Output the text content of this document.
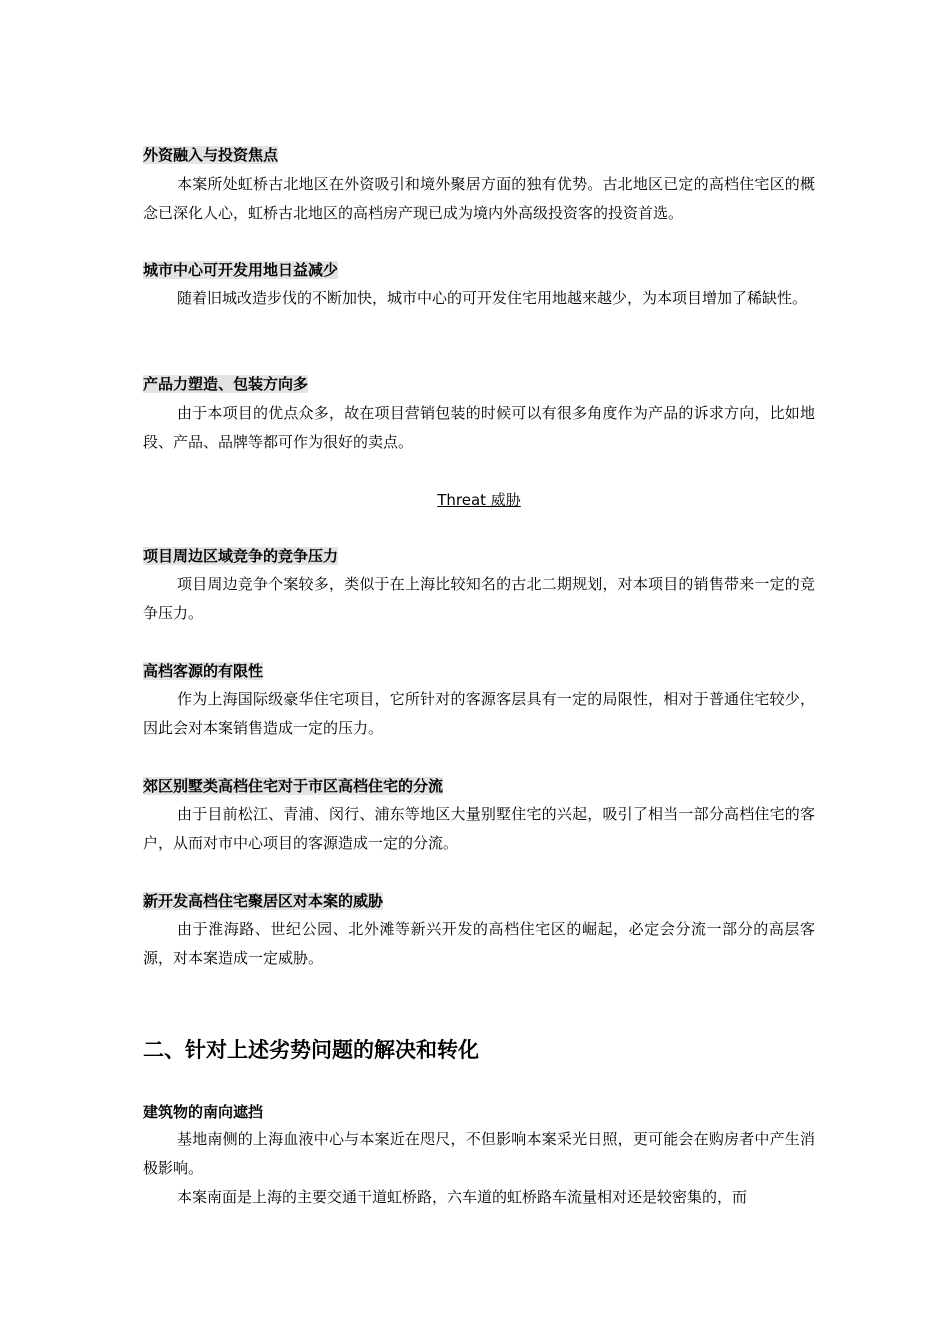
外资融入与投资焦点
本案所处虹桥古北地区在外资吸引和境外聚居方面的独有优势。古北地区已定的高档住宅区的概念已深化人心，虹桥古北地区的高档房产现已成为境内外高级投资客的投资首选。
城市中心可开发用地日益减少
随着旧城改造步伐的不断加快，城市中心的可开发住宅用地越来越少，为本项目增加了稀缺性。
产品力塑造、包装方向多
由于本项目的优点众多，故在项目营销包装的时候可以有很多角度作为产品的诉求方向，比如地段、产品、品牌等都可作为很好的卖点。
Threat 威胁
项目周边区域竞争的竞争压力
项目周边竞争个案较多，类似于在上海比较知名的古北二期规划，对本项目的销售带来一定的竞争压力。
高档客源的有限性
作为上海国际级豪华住宅项目，它所针对的客源客层具有一定的局限性，相对于普通住宅较少，因此会对本案销售造成一定的压力。
郊区别墅类高档住宅对于市区高档住宅的分流
由于目前松江、青浦、闵行、浦东等地区大量别墅住宅的兴起，吸引了相当一部分高档住宅的客户，从而对市中心项目的客源造成一定的分流。
新开发高档住宅聚居区对本案的威胁
由于淮海路、世纪公园、北外滩等新兴开发的高档住宅区的崛起，必定会分流一部分的高层客源，对本案造成一定威胁。
二、针对上述劣势问题的解决和转化
建筑物的南向遮挡
基地南侧的上海血液中心与本案近在咫尺，不但影响本案采光日照，更可能会在购房者中产生消极影响。
本案南面是上海的主要交通干道虹桥路，六车道的虹桥路车流量相对还是较密集的，而
